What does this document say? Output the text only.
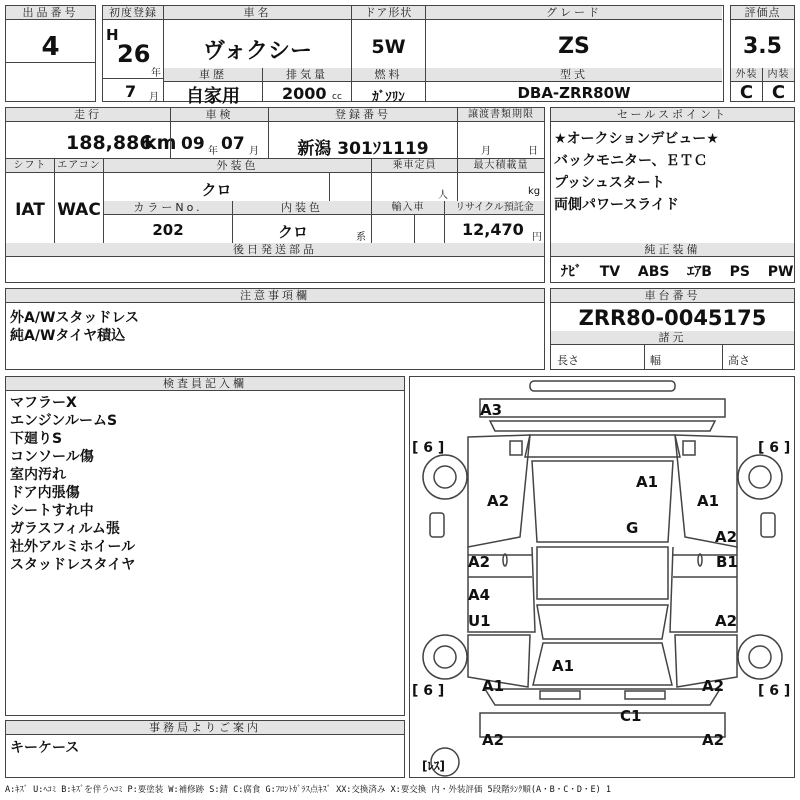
出品番号
4
初度登録
H
26
年
7 月
車名
ヴォクシー
ドア形状
5W
グレード
ZS
車歴
自家用
排気量
2000 cc
燃料
ｶﾞｿﾘﾝ
型式
DBA-ZRR80W
評価点
3.5
外装	内装
C	C
走行
188,886
km
車検
09 年 07 月
登録番号
新潟 301ｿ1119
譲渡書類期限
月	日
シフト
IAT
エアコン
WAC
外装色
クロ
乗車定員
人
最大積載量
kg
カラーNo.
202
内装色
クロ	系
輸入車	リサイクル預託金
12,470 円
後日発送部品
セールスポイント
★オークションデビュー★
バックモニター、ＥＴＣ
プッシュスタート
両側パワースライド
純正装備
ﾅﾋﾞ TV ABS ｴｱB PS PW
注意事項欄
外A/Wスタッドレス
純A/Wタイヤ積込
車台番号
ZRR80-0045175
諸元
長さ	幅	高さ
検査員記入欄
マフラーX
エンジンルームS
下廻りS
コンソール傷
室内汚れ
ドア内張傷
シートすれ中
ガラスフィルム張
社外アルミホイール
スタッドレスタイヤ
事務局よりご案内
キーケース
[ 6 ]	[ 6 ]
[ 6 ]	[ 6 ]
[ﾚｽ]
A3
A1
A2	A1
G	A2
B1
A2
A4
U1	A2
A1
A1	A2
C1
A2	A2
A:ｷｽﾞ U:ﾍｺﾐ B:ｷｽﾞを伴うﾍｺﾐ P:要塗装 W:補修跡 S:錆 C:腐食 G:ﾌﾛﾝﾄｶﾞﾗｽ点ｷｽﾞ XX:交換済み X:要交換 内・外装評価 5段階ﾗﾝｸ順(A・B・C・D・E) 1
